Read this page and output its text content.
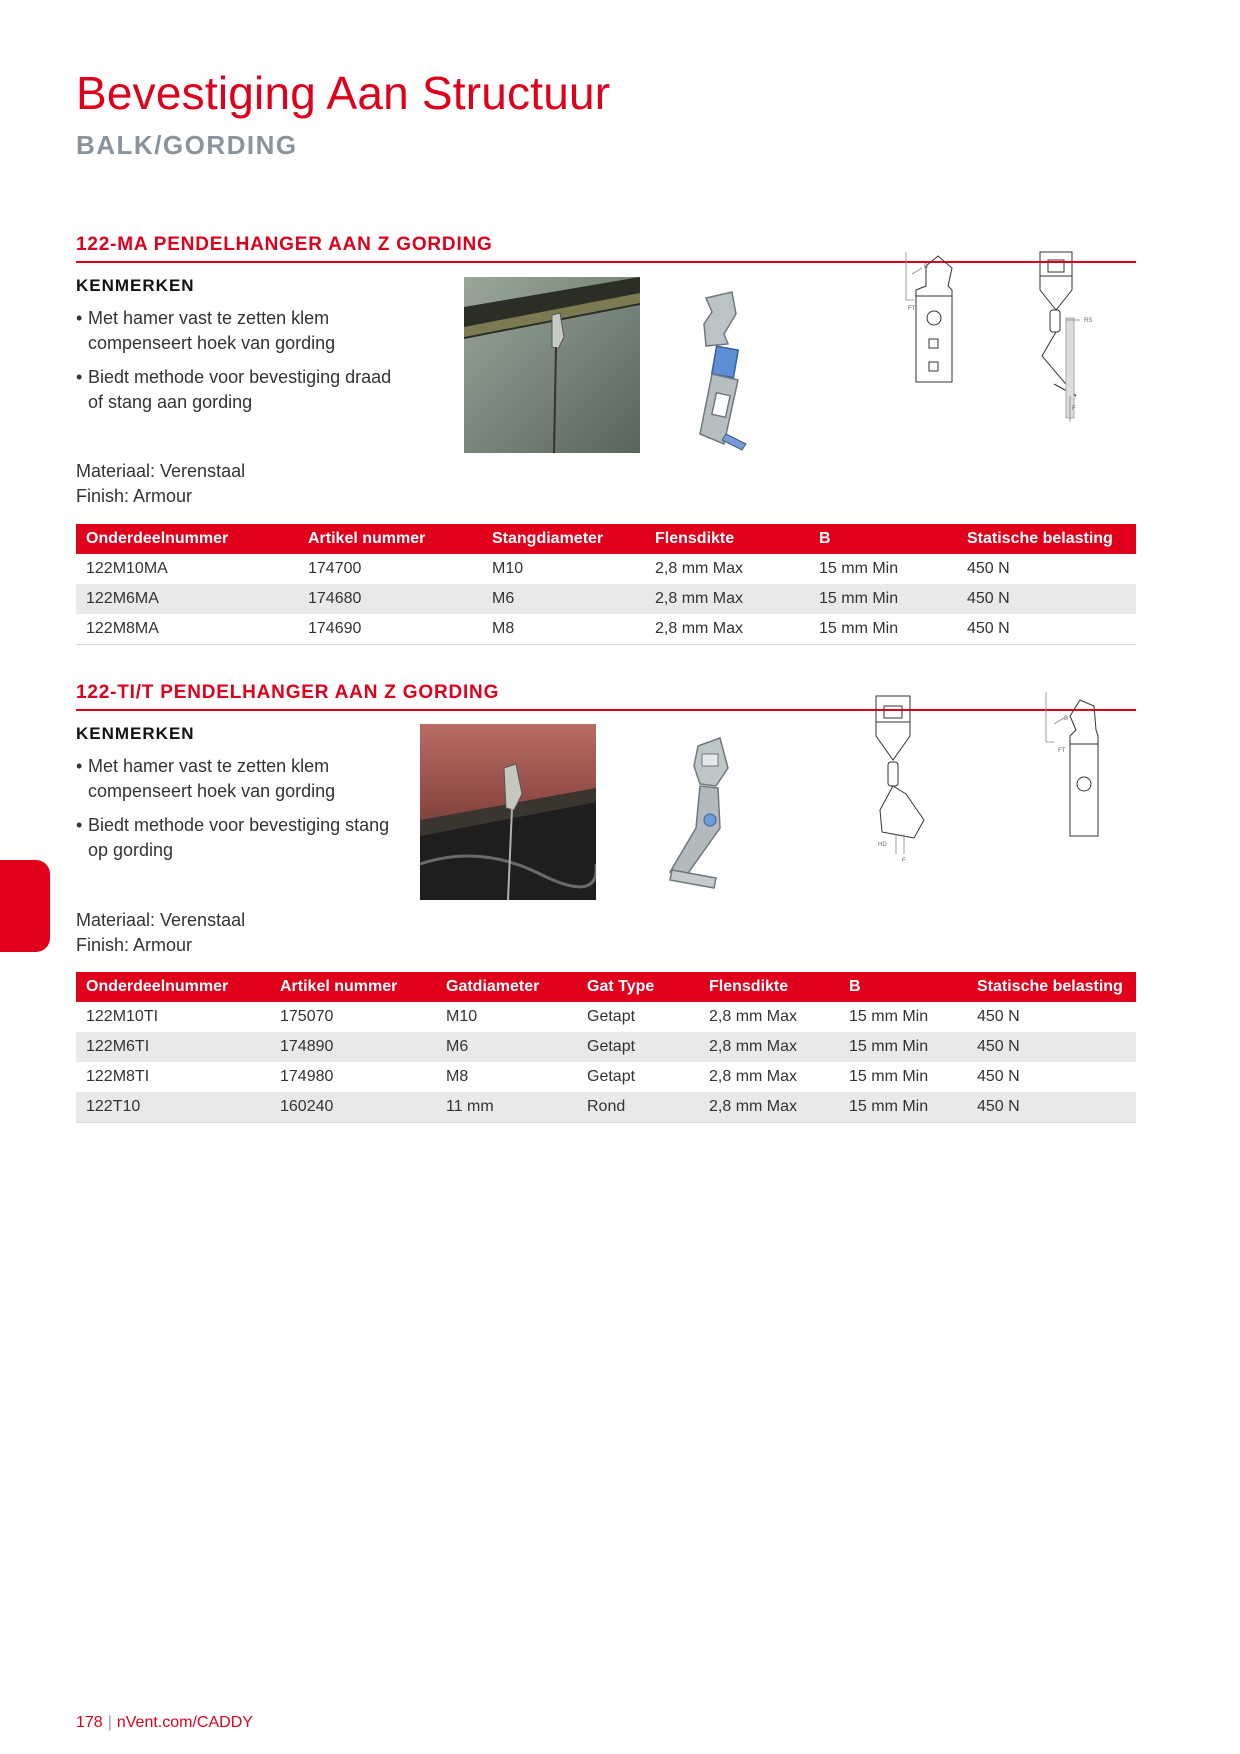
Bevestiging Aan Structuur
BALK/GORDING
122-MA PENDELHANGER AAN Z GORDING
KENMERKEN
• Met hamer vast te zetten klem compenseert hoek van gording
• Biedt methode voor bevestiging draad of stang aan gording
B
FT
RS
F
Materiaal: Verenstaal
Finish: Armour
Onderdeelnummer	Artikel nummer	Stangdiameter	Flensdikte	B	Statische belasting
122M10MA	174700	M10	2,8 mm Max	15 mm Min	450 N
122M6MA	174680	M6	2,8 mm Max	15 mm Min	450 N
122M8MA	174690	M8	2,8 mm Max	15 mm Min	450 N
122-TI/T PENDELHANGER AAN Z GORDING
KENMERKEN
• Met hamer vast te zetten klem compenseert hoek van gording
• Biedt methode voor bevestiging stang op gording	HD
F
B
FT
Materiaal: Verenstaal
Finish: Armour
Onderdeelnummer	Artikel nummer	Gatdiameter	Gat Type	Flensdikte	B	Statische belasting
122M10TI	175070	M10	Getapt	2,8 mm Max	15 mm Min	450 N
122M6TI	174890	M6	Getapt	2,8 mm Max	15 mm Min	450 N
122M8TI	174980	M8	Getapt	2,8 mm Max	15 mm Min	450 N
122T10	160240	11 mm	Rond	2,8 mm Max	15 mm Min	450 N
178 | nVent.com/CADDY
